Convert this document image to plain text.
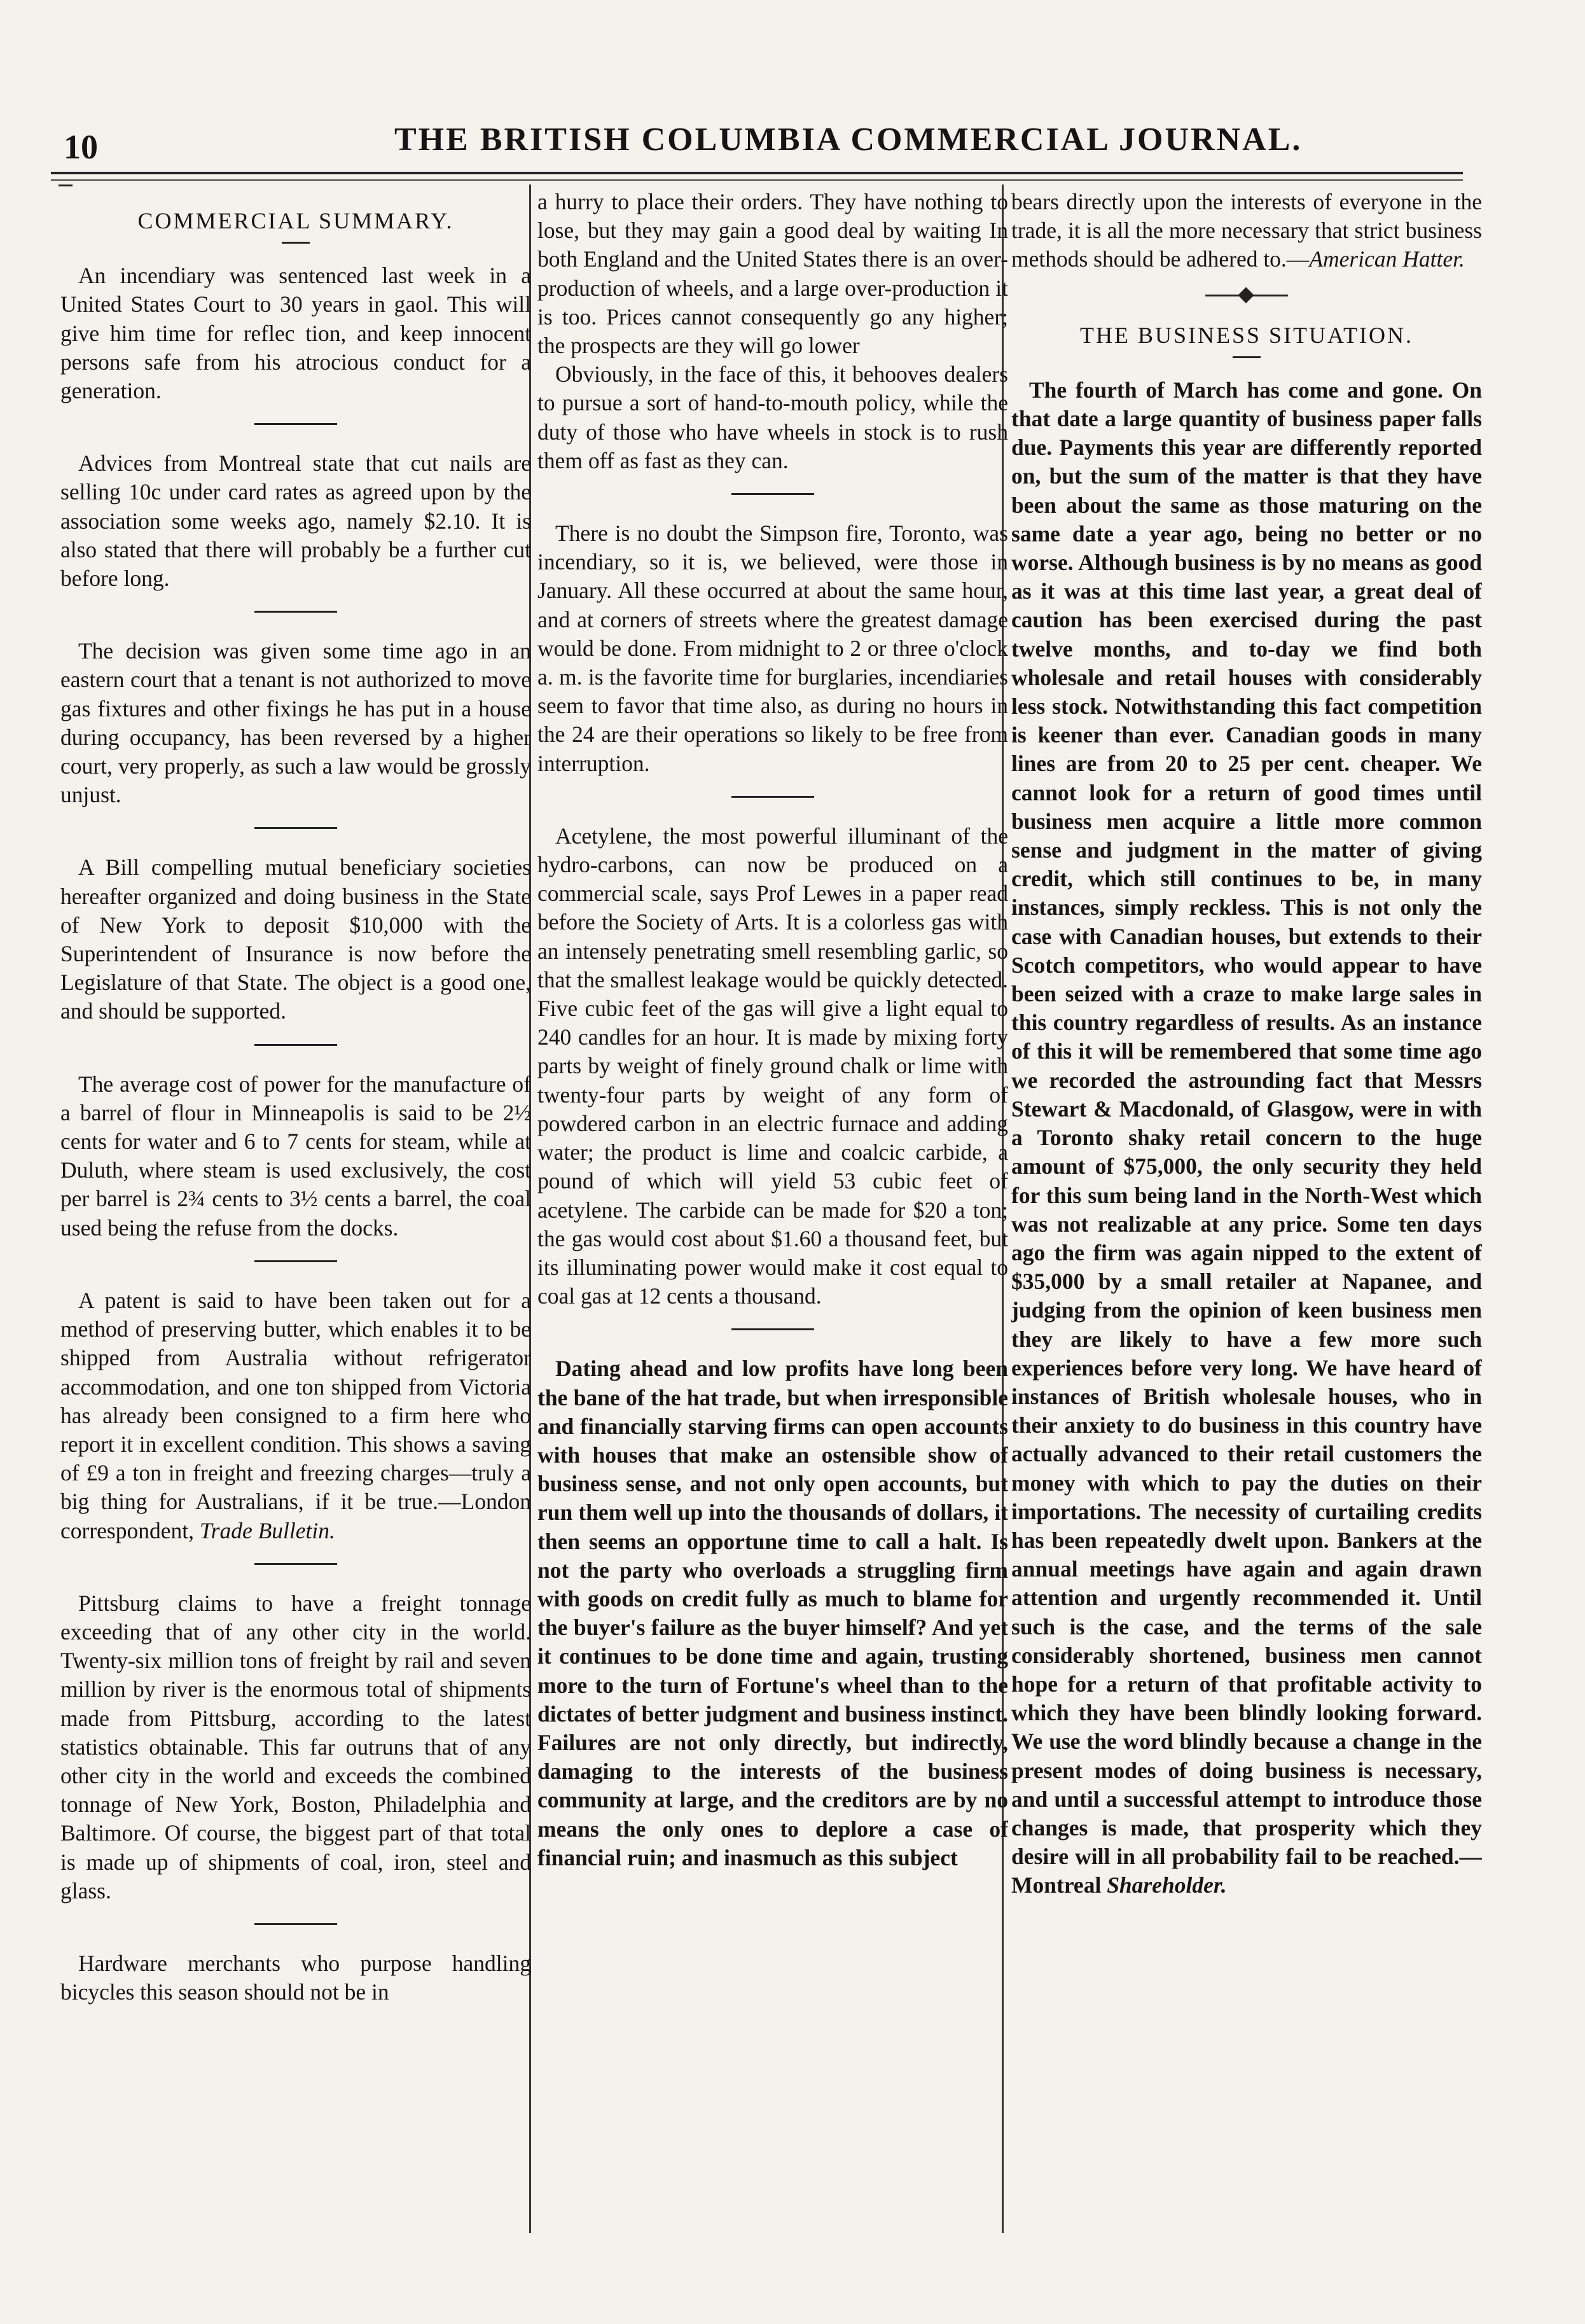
10	THE BRITISH COLUMBIA COMMERCIAL JOURNAL.
COMMERCIAL SUMMARY.

An incendiary was sentenced last week in a United States Court to 30 years in gaol. This will give him time for reflec tion, and keep innocent persons safe from his atrocious conduct for a generation.

Advices from Montreal state that cut nails are selling 10c under card rates as agreed upon by the association some weeks ago, namely $2.10. It is also stated that there will probably be a further cut before long.

The decision was given some time ago in an eastern court that a tenant is not authorized to move gas fixtures and other fixings he has put in a house during occupancy, has been reversed by a higher court, very properly, as such a law would be grossly unjust.

A Bill compelling mutual beneficiary societies hereafter organized and doing business in the State of New York to deposit $10,000 with the Superintendent of Insurance is now before the Legislature of that State. The object is a good one, and should be supported.

The average cost of power for the manufacture of a barrel of flour in Minneapolis is said to be 2½ cents for water and 6 to 7 cents for steam, while at Duluth, where steam is used exclusively, the cost per barrel is 2¾ cents to 3½ cents a barrel, the coal used being the refuse from the docks.

A patent is said to have been taken out for a method of preserving butter, which enables it to be shipped from Australia without refrigerator accommodation, and one ton shipped from Victoria has already been consigned to a firm here who report it in excellent condition. This shows a saving of £9 a ton in freight and freezing charges—truly a big thing for Australians, if it be true.—London correspondent, Trade Bulletin.

Pittsburg claims to have a freight tonnage exceeding that of any other city in the world. Twenty-six million tons of freight by rail and seven million by river is the enormous total of shipments made from Pittsburg, according to the latest statistics obtainable. This far outruns that of any other city in the world and exceeds the combined tonnage of New York, Boston, Philadelphia and Baltimore. Of course, the biggest part of that total is made up of shipments of coal, iron, steel and glass.

Hardware merchants who purpose handling bicycles this season should not be in

a hurry to place their orders. They have nothing to lose, but they may gain a good deal by waiting In both England and the United States there is an over-production of wheels, and a large over-production it is too. Prices cannot consequently go any higher; the prospects are they will go lower

Obviously, in the face of this, it behooves dealers to pursue a sort of hand-to-mouth policy, while the duty of those who have wheels in stock is to rush them off as fast as they can.

There is no doubt the Simpson fire, Toronto, was incendiary, so it is, we believed, were those in January. All these occurred at about the same hour, and at corners of streets where the greatest damage would be done. From midnight to 2 or three o'clock a. m. is the favorite time for burglaries, incendiaries seem to favor that time also, as during no hours in the 24 are their operations so likely to be free from interruption.

Acetylene, the most powerful illuminant of the hydro-carbons, can now be produced on a commercial scale, says Prof Lewes in a paper read before the Society of Arts. It is a colorless gas with an intensely penetrating smell resembling garlic, so that the smallest leakage would be quickly detected. Five cubic feet of the gas will give a light equal to 240 candles for an hour. It is made by mixing forty parts by weight of finely ground chalk or lime with twenty-four parts by weight of any form of powdered carbon in an electric furnace and adding water; the product is lime and coalcic carbide, a pound of which will yield 53 cubic feet of acetylene. The carbide can be made for $20 a ton; the gas would cost about $1.60 a thousand feet, but its illuminating power would make it cost equal to coal gas at 12 cents a thousand.

Dating ahead and low profits have long been the bane of the hat trade, but when irresponsible and financially starving firms can open accounts with houses that make an ostensible show of business sense, and not only open accounts, but run them well up into the thousands of dollars, it then seems an opportune time to call a halt. Is not the party who overloads a struggling firm with goods on credit fully as much to blame for the buyer's failure as the buyer himself? And yet it continues to be done time and again, trusting more to the turn of Fortune's wheel than to the dictates of better judgment and business instinct. Failures are not only directly, but indirectly, damaging to the interests of the business community at large, and the creditors are by no means the only ones to deplore a case of financial ruin; and inasmuch as this subject

bears directly upon the interests of everyone in the trade, it is all the more necessary that strict business methods should be adhered to.—American Hatter.

THE BUSINESS SITUATION.

The fourth of March has come and gone. On that date a large quantity of business paper falls due. Payments this year are differently reported on, but the sum of the matter is that they have been about the same as those maturing on the same date a year ago, being no better or no worse. Although business is by no means as good as it was at this time last year, a great deal of caution has been exercised during the past twelve months, and to-day we find both wholesale and retail houses with considerably less stock. Notwithstanding this fact competition is keener than ever. Canadian goods in many lines are from 20 to 25 per cent. cheaper. We cannot look for a return of good times until business men acquire a little more common sense and judgment in the matter of giving credit, which still continues to be, in many instances, simply reckless. This is not only the case with Canadian houses, but extends to their Scotch competitors, who would appear to have been seized with a craze to make large sales in this country regardless of results. As an instance of this it will be remembered that some time ago we recorded the astrounding fact that Messrs Stewart & Macdonald, of Glasgow, were in with a Toronto shaky retail concern to the huge amount of $75,000, the only security they held for this sum being land in the North-West which was not realizable at any price. Some ten days ago the firm was again nipped to the extent of $35,000 by a small retailer at Napanee, and judging from the opinion of keen business men they are likely to have a few more such experiences before very long. We have heard of instances of British wholesale houses, who in their anxiety to do business in this country have actually advanced to their retail customers the money with which to pay the duties on their importations. The necessity of curtailing credits has been repeatedly dwelt upon. Bankers at the annual meetings have again and again drawn attention and urgently recommended it. Until such is the case, and the terms of the sale considerably shortened, business men cannot hope for a return of that profitable activity to which they have been blindly looking forward. We use the word blindly because a change in the present modes of doing business is necessary, and until a successful attempt to introduce those changes is made, that prosperity which they desire will in all probability fail to be reached.—Montreal Shareholder.
